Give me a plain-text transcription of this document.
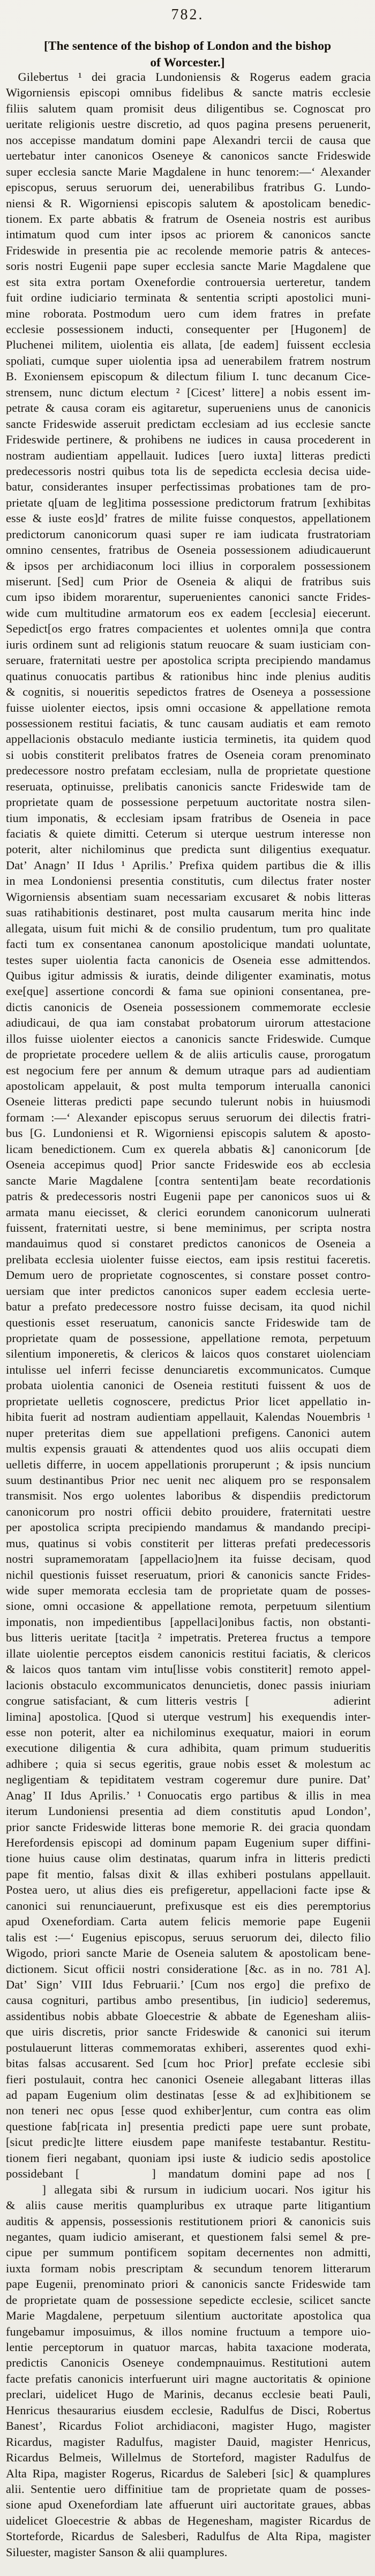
782.
[The sentence of the bishop of London and the bishop
of Worcester.]
 Gilebertus ¹ dei gracia Lundoniensis & Rogerus eadem gracia
Wigorniensis episcopi omnibus fidelibus & sancte matris ecclesie
filiis salutem quam promisit deus diligentibus se. Cognoscat pro
ueritate religionis uestre discretio, ad quos pagina presens peruenerit,
nos accepisse mandatum domini pape Alexandri tercii de causa que
uertebatur inter canonicos Oseneye & canonicos sancte Frideswide
super ecclesia sancte Marie Magdalene in hunc tenorem:—‘ Alexander
episcopus, seruus seruorum dei, uenerabilibus fratribus G. Lundo-
niensi & R. Wigorniensi episcopis salutem & apostolicam benedic-
tionem. Ex parte abbatis & fratrum de Oseneia nostris est auribus
intimatum quod cum inter ipsos ac priorem & canonicos sancte
Frideswide in presentia pie ac recolende memorie patris & anteces-
soris nostri Eugenii pape super ecclesia sancte Marie Magdalene que
est sita extra portam Oxenefordie controuersia uerteretur, tandem
fuit ordine iudiciario terminata & sententia scripti apostolici muni-
mine roborata. Postmodum uero cum idem fratres in prefate
ecclesie possessionem inducti, consequenter per [Hugonem] de
Pluchenei militem, uiolentia eis allata, [de eadem] fuissent ecclesia
spoliati, cumque super uiolentia ipsa ad uenerabilem fratrem nostrum
B. Exoniensem episcopum & dilectum filium I. tunc decanum Cice-
strensem, nunc dictum electum ² [Cicest’ littere] a nobis essent im-
petrate & causa coram eis agitaretur, superueniens unus de canonicis
sancte Frideswide asseruit predictam ecclesiam ad ius ecclesie sancte
Frideswide pertinere, & prohibens ne iudices in causa procederent in
nostram audientiam appellauit. Iudices [uero iuxta] litteras predicti
predecessoris nostri quibus tota lis de sepedicta ecclesia decisa uide-
batur, considerantes insuper perfectissimas probationes tam de pro-
prietate q[uam de leg]itima possessione predictorum fratrum [exhibitas
esse & iuste eos]d’ fratres de milite fuisse conquestos, appellationem
predictorum canonicorum quasi super re iam iudicata frustratoriam
omnino censentes, fratribus de Oseneia possessionem adiudicauerunt
& ipsos per archidiaconum loci illius in corporalem possessionem
miserunt. [Sed] cum Prior de Oseneia & aliqui de fratribus suis
cum ipso ibidem morarentur, superuenientes canonici sancte Frides-
wide cum multitudine armatorum eos ex eadem [ecclesia] eiecerunt.
Sepedict[os ergo fratres compacientes et uolentes omni]a que contra
iuris ordinem sunt ad religionis statum reuocare & suam iusticiam con-
seruare, fraternitati uestre per apostolica scripta precipiendo mandamus
quatinus conuocatis partibus & rationibus hinc inde plenius auditis
& cognitis, si noueritis sepedictos fratres de Oseneya a possessione
fuisse uiolenter eiectos, ipsis omni occasione & appellatione remota
possessionem restitui faciatis, & tunc causam audiatis et eam remoto
appellacionis obstaculo mediante iusticia terminetis, ita quidem quod
si uobis constiterit prelibatos fratres de Oseneia coram prenominato
predecessore nostro prefatam ecclesiam, nulla de proprietate questione
reseruata, optinuisse, prelibatis canonicis sancte Frideswide tam de
proprietate quam de possessione perpetuum auctoritate nostra silen-
tium imponatis, & ecclesiam ipsam fratribus de Oseneia in pace
faciatis & quiete dimitti. Ceterum si uterque uestrum interesse non
poterit, alter nichilominus que predicta sunt diligentius exequatur.
Dat’ Anagn’ II Idus ¹ Aprilis.’ Prefixa quidem partibus die & illis
in mea Londoniensi presentia constitutis, cum dilectus frater noster
Wigorniensis absentiam suam necessariam excusaret & nobis litteras
suas ratihabitionis destinaret, post multa causarum merita hinc inde
allegata, uisum fuit michi & de consilio prudentum, tum pro qualitate
facti tum ex consentanea canonum apostolicique mandati uoluntate,
testes super uiolentia facta canonicis de Oseneia esse admittendos.
Quibus igitur admissis & iuratis, deinde diligenter examinatis, motus
exe[que] assertione concordi & fama sue opinioni consentanea, pre-
dictis canonicis de Oseneia possessionem commemorate ecclesie
adiudicaui, de qua iam constabat probatorum uirorum attestacione
illos fuisse uiolenter eiectos a canonicis sancte Frideswide. Cumque
de proprietate procedere uellem & de aliis articulis cause, prorogatum
est negocium fere per annum & demum utraque pars ad audientiam
apostolicam appelauit, & post multa temporum interualla canonici
Oseneie litteras predicti pape secundo tulerunt nobis in huiusmodi
formam :—‘ Alexander episcopus seruus seruorum dei dilectis fratri-
bus [G. Lundoniensi et R. Wigorniensi episcopis salutem & aposto-
licam benedictionem. Cum ex querela abbatis &] canonicorum [de
Oseneia accepimus quod] Prior sancte Frideswide eos ab ecclesia
sancte Marie Magdalene [contra sententi]am beate recordationis
patris & predecessoris nostri Eugenii pape per canonicos suos ui &
armata manu eiecisset, & clerici eorundem canonicorum uulnerati
fuissent, fraternitati uestre, si bene meminimus, per scripta nostra
mandauimus quod si constaret predictos canonicos de Oseneia a
prelibata ecclesia uiolenter fuisse eiectos, eam ipsis restitui faceretis.
Demum uero de proprietate cognoscentes, si constare posset contro-
uersiam que inter predictos canonicos super eadem ecclesia uerte-
batur a prefato predecessore nostro fuisse decisam, ita quod nichil
questionis esset reseruatum, canonicis sancte Frideswide tam de
proprietate quam de possessione, appellatione remota, perpetuum
silentium imponeretis, & clericos & laicos quos constaret uiolenciam
intulisse uel inferri fecisse denunciaretis excommunicatos. Cumque
probata uiolentia canonici de Oseneia restituti fuissent & uos de
proprietate uelletis cognoscere, predictus Prior licet appellatio in-
hibita fuerit ad nostram audientiam appellauit, Kalendas Nouembris ¹
nuper preteritas diem sue appellationi prefigens. Canonici autem
multis expensis grauati & attendentes quod uos aliis occupati diem
uelletis differre, in uocem appellationis proruperunt ; & ipsis nuncium
suum destinantibus Prior nec uenit nec aliquem pro se responsalem
transmisit. Nos ergo uolentes laboribus & dispendiis predictorum
canonicorum pro nostri officii debito prouidere, fraternitati uestre
per apostolica scripta precipiendo mandamus & mandando precipi-
mus, quatinus si vobis constiterit per litteras prefati predecessoris
nostri supramemoratam [appellacio]nem ita fuisse decisam, quod
nichil questionis fuisset reseruatum, priori & canonicis sancte Frides-
wide super memorata ecclesia tam de proprietate quam de posses-
sione, omni occasione & appellatione remota, perpetuum silentium
imponatis, non impedientibus [appellaci]onibus factis, non obstanti-
bus litteris ueritate [tacit]a ² impetratis. Preterea fructus a tempore
illate uiolentie perceptos eisdem canonicis restitui faciatis, & clericos
& laicos quos tantam vim intu[lisse vobis constiterit] remoto appel-
lacionis obstaculo excommunicatos denuncietis, donec passis iniuriam
congrue satisfaciant, & cum litteris vestris [       adierint
limina] apostolica. [Quod si uterque vestrum] his exequendis inter-
esse non poterit, alter ea nichilominus exequatur, maiori in eorum
executione diligentia & cura adhibita, quam primum studueritis
adhibere ; quia si secus egeritis, graue nobis esset & molestum ac
negligentiam & tepiditatem vestram cogeremur dure punire. Dat’
Anag’ II Idus Aprilis.’ ¹ Conuocatis ergo partibus & illis in mea
iterum Lundoniensi presentia ad diem constitutis apud London’,
prior sancte Frideswide litteras bone memorie R. dei gracia quondam
Herefordensis episcopi ad dominum papam Eugenium super diffini-
tione huius cause olim destinatas, quarum infra in litteris predicti
pape fit mentio, falsas dixit & illas exhiberi postulans appellauit.
Postea uero, ut alius dies eis prefigeretur, appellacioni facte ipse &
canonici sui renunciauerunt, prefixusque est eis dies peremptorius
apud Oxenefordiam. Carta autem felicis memorie pape Eugenii
talis est :—‘ Eugenius episcopus, seruus seruorum dei, dilecto filio
Wigodo, priori sancte Marie de Oseneia salutem & apostolicam bene-
dictionem. Sicut officii nostri consideratione [&c. as in no. 781 A].
Dat’ Sign’ VIII Idus Februarii.’ [Cum nos ergo] die prefixo de
causa cognituri, partibus ambo presentibus, [in iudicio] sederemus,
assidentibus nobis abbate Gloecestrie & abbate de Egenesham aliis-
que uiris discretis, prior sancte Frideswide & canonici sui iterum
postulauerunt litteras commemoratas exhiberi, asserentes quod exhi-
bitas falsas accusarent. Sed [cum hoc Prior] prefate ecclesie sibi
fieri postulauit, contra hec canonici Oseneie allegabant litteras illas
ad papam Eugenium olim destinatas [esse & ad ex]hibitionem se
non teneri nec opus [esse quod exhiber]entur, cum contra eas olim
questione fab[ricata in] presentia predicti pape uere sunt probate,
[sicut predic]te littere eiusdem pape manifeste testabantur. Restitu-
tionem fieri negabant, quoniam ipsi iuste & iudicio sedis apostolice
possidebant [      ] mandatum domini pape ad nos [
   ] allegata sibi & rursum in iudicium uocari. Nos igitur his
& aliis cause meritis quampluribus ex utraque parte litigantium
auditis & appensis, possessionis restitutionem priori & canonicis suis
negantes, quam iudicio amiserant, et questionem falsi semel & pre-
cipue per summum pontificem sopitam decernentes non admitti,
iuxta formam nobis prescriptam & secundum tenorem litterarum
pape Eugenii, prenominato priori & canonicis sancte Frideswide tam
de proprietate quam de possessione sepedicte ecclesie, scilicet sancte
Marie Magdalene, perpetuum silentium auctoritate apostolica qua
fungebamur imposuimus, & illos nomine fructuum a tempore uio-
lentie perceptorum in quatuor marcas, habita taxacione moderata,
predictis Canonicis Oseneye condempnauimus. Restitutioni autem
facte prefatis canonicis interfuerunt uiri magne auctoritatis & opinione
preclari, uidelicet Hugo de Marinis, decanus ecclesie beati Pauli,
Henricus thesaurarius eiusdem ecclesie, Radulfus de Disci, Robertus
Banest’, Ricardus Foliot archidiaconi, magister Hugo, magister
Ricardus, magister Radulfus, magister Dauid, magister Henricus,
Ricardus Belmeis, Willelmus de Storteford, magister Radulfus de
Alta Ripa, magister Rogerus, Ricardus de Saleberi [sic] & quamplures
alii. Sententie uero diffinitiue tam de proprietate quam de posses-
sione apud Oxenefordiam late affuerunt uiri auctoritate graues, abbas
uidelicet Gloecestrie & abbas de Hegenesham, magister Ricardus de
Storteforde, Ricardus de Salesberi, Radulfus de Alta Ripa, magister
Siluester, magister Sanson & alii quamplures.
